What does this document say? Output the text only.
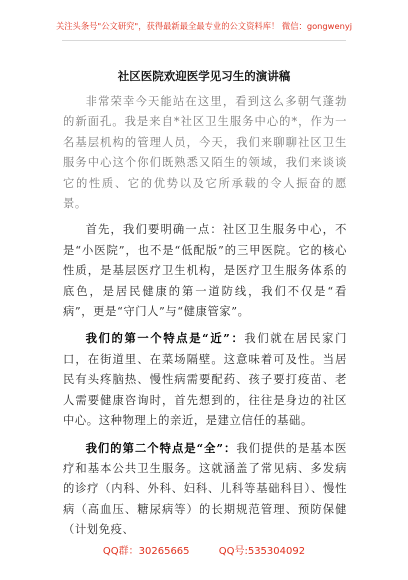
关注头条号"公文研究"，获得最新最全最专业的公文资料库！ 微信：gongwenyj
社区医院欢迎医学见习生的演讲稿

非常荣幸今天能站在这里，看到这么多朝气蓬勃的新面孔。我是来自*社区卫生服务中心的*，作为一名基层机构的管理人员，今天，我们来聊聊社区卫生服务中心这个你们既熟悉又陌生的领域，我们来谈谈它的性质、它的优势以及它所承载的令人振奋的愿景。

首先，我们要明确一点：社区卫生服务中心，不是“小医院”，也不是“低配版”的三甲医院。它的核心性质，是基层医疗卫生机构，是医疗卫生服务体系的底色，是居民健康的第一道防线，我们不仅是“看病”，更是“守门人”与“健康管家”。

我们的第一个特点是“近”：我们就在居民家门口，在街道里、在菜场隔壁。这意味着可及性。当居民有头疼脑热、慢性病需要配药、孩子要打疫苗、老人需要健康咨询时，首先想到的，往往是身边的社区中心。这种物理上的亲近，是建立信任的基础。

我们的第二个特点是“全”：我们提供的是基本医疗和基本公共卫生服务。这就涵盖了常见病、多发病的诊疗（内科、外科、妇科、儿科等基础科目）、慢性病（高血压、糖尿病等）的长期规范管理、预防保健（计划免疫、

QQ群：30265665	QQ号:535304092
